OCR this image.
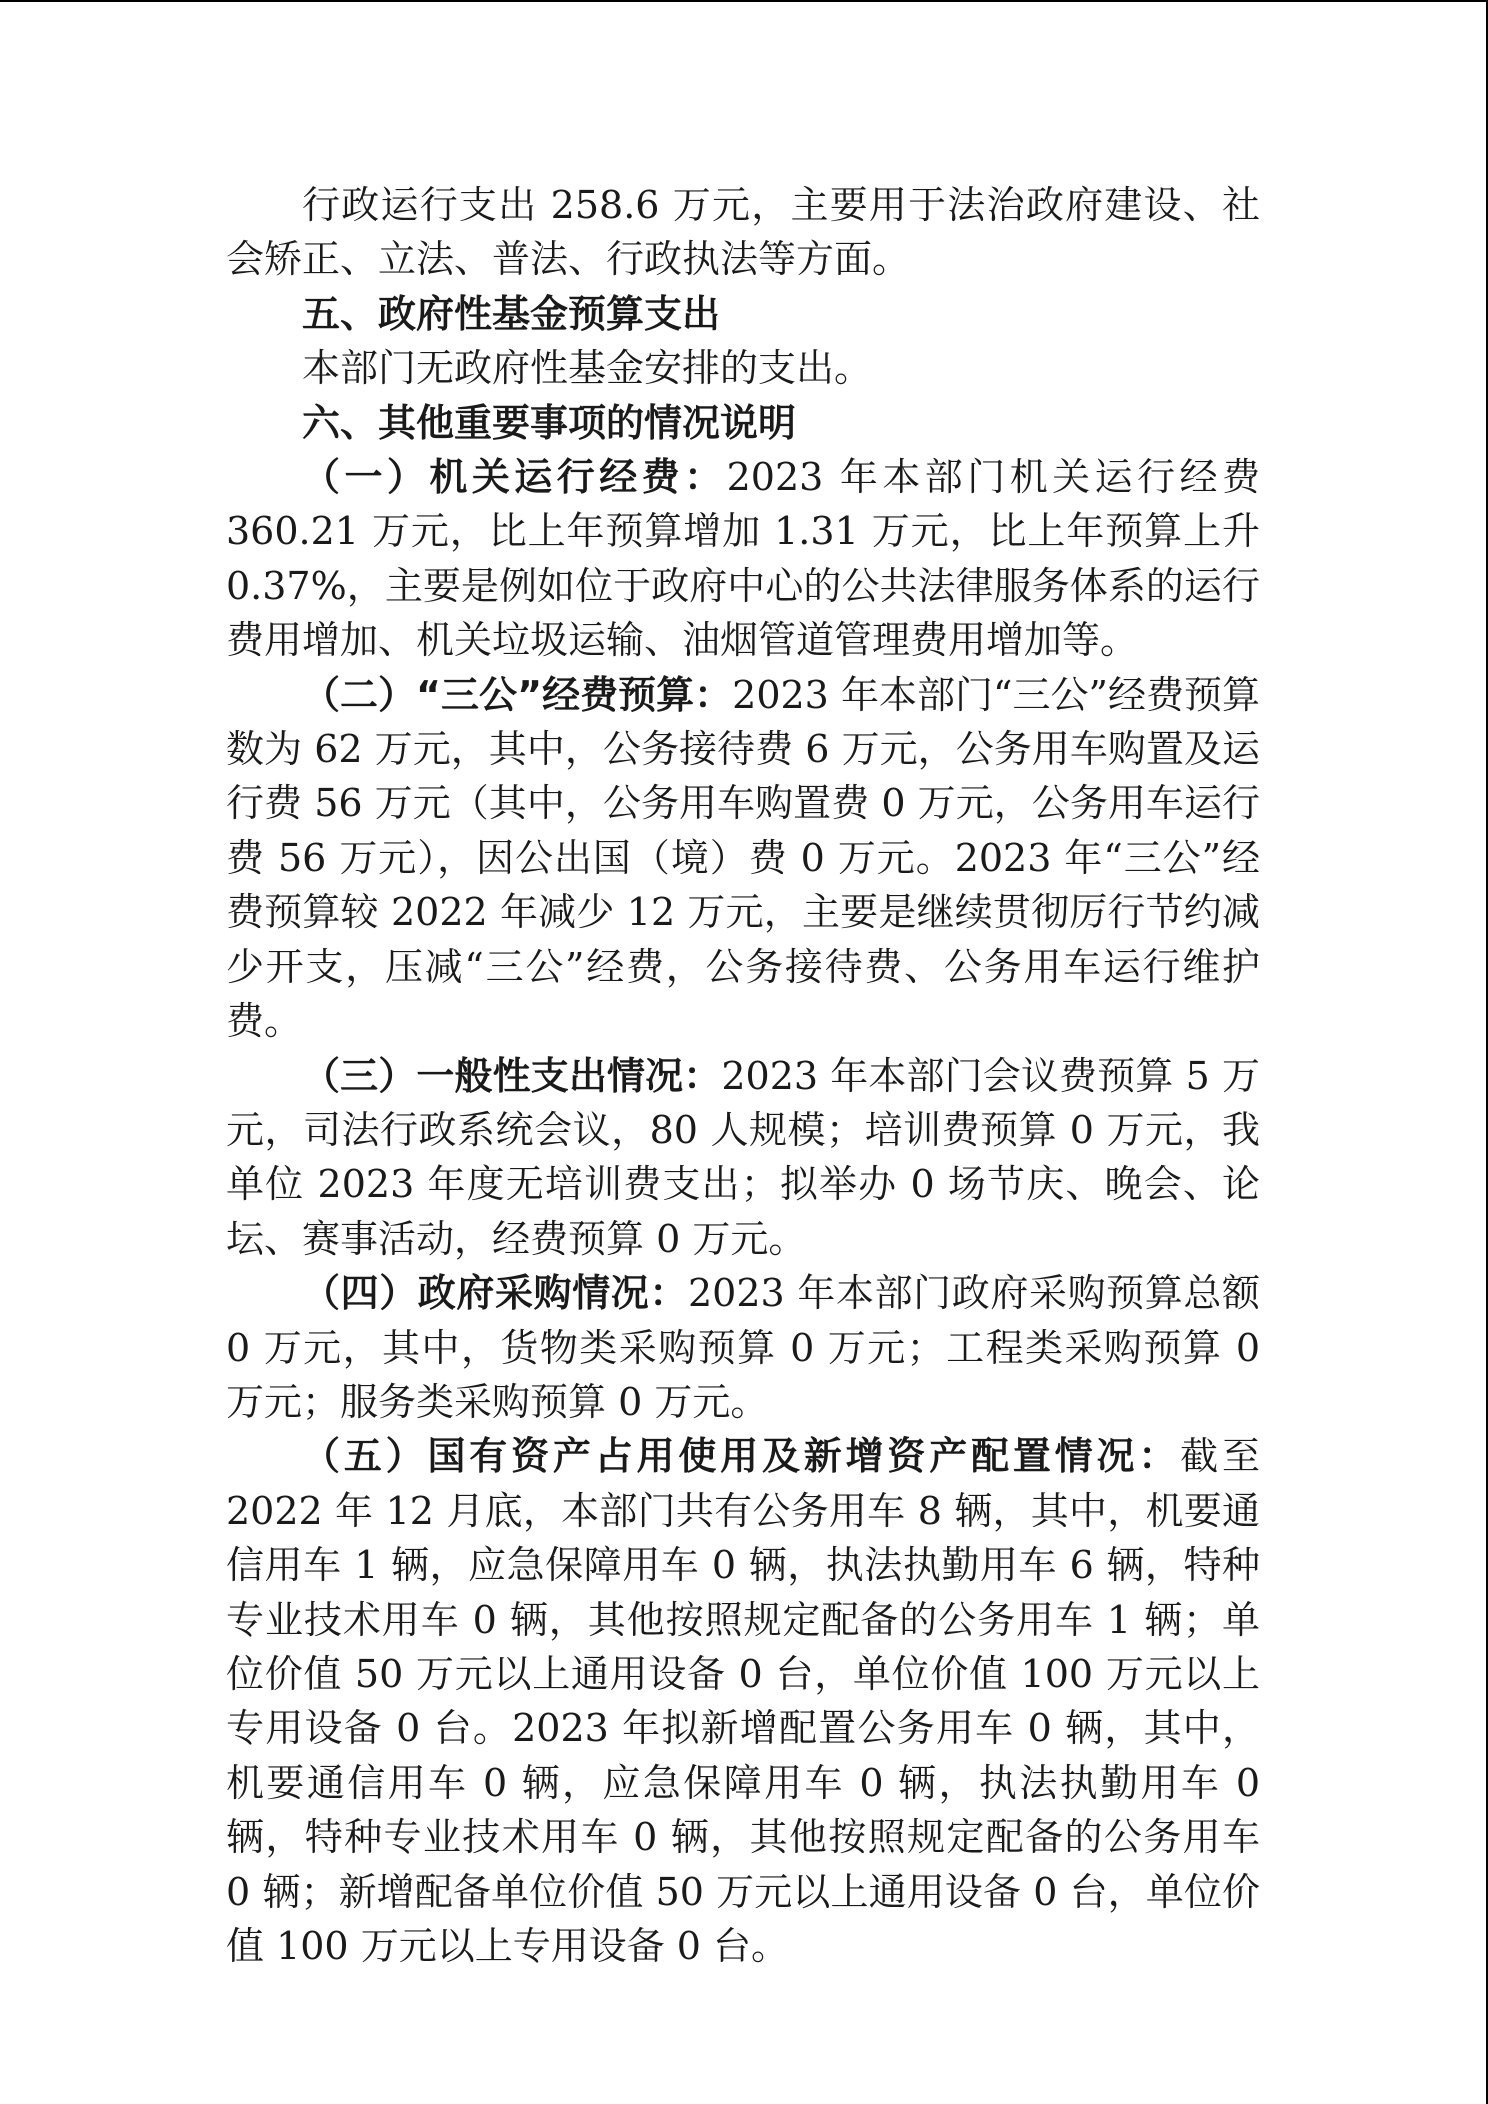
行政运行支出 258.6 万元，主要用于法治政府建设、社会矫正、立法、普法、行政执法等方面。

五、政府性基金预算支出

本部门无政府性基金安排的支出。

六、其他重要事项的情况说明

（一）机关运行经费：2023 年本部门机关运行经费 360.21 万元，比上年预算增加 1.31 万元，比上年预算上升 0.37%，主要是例如位于政府中心的公共法律服务体系的运行费用增加、机关垃圾运输、油烟管道管理费用增加等。

（二）“三公”经费预算：2023 年本部门“三公”经费预算数为 62 万元，其中，公务接待费 6 万元，公务用车购置及运行费 56 万元（其中，公务用车购置费 0 万元，公务用车运行费 56 万元），因公出国（境）费 0 万元。2023 年“三公”经费预算较 2022 年减少 12 万元，主要是继续贯彻厉行节约减少开支，压减“三公”经费，公务接待费、公务用车运行维护费。

（三）一般性支出情况：2023 年本部门会议费预算 5 万元，司法行政系统会议，80 人规模；培训费预算 0 万元，我单位 2023 年度无培训费支出；拟举办 0 场节庆、晚会、论坛、赛事活动，经费预算 0 万元。

（四）政府采购情况：2023 年本部门政府采购预算总额 0 万元，其中，货物类采购预算 0 万元；工程类采购预算 0 万元；服务类采购预算 0 万元。

（五）国有资产占用使用及新增资产配置情况：截至 2022 年 12 月底，本部门共有公务用车 8 辆，其中，机要通信用车 1 辆，应急保障用车 0 辆，执法执勤用车 6 辆，特种专业技术用车 0 辆，其他按照规定配备的公务用车 1 辆；单位价值 50 万元以上通用设备 0 台，单位价值 100 万元以上专用设备 0 台。2023 年拟新增配置公务用车 0 辆，其中，机要通信用车 0 辆，应急保障用车 0 辆，执法执勤用车 0 辆，特种专业技术用车 0 辆，其他按照规定配备的公务用车 0 辆；新增配备单位价值 50 万元以上通用设备 0 台，单位价值 100 万元以上专用设备 0 台。
